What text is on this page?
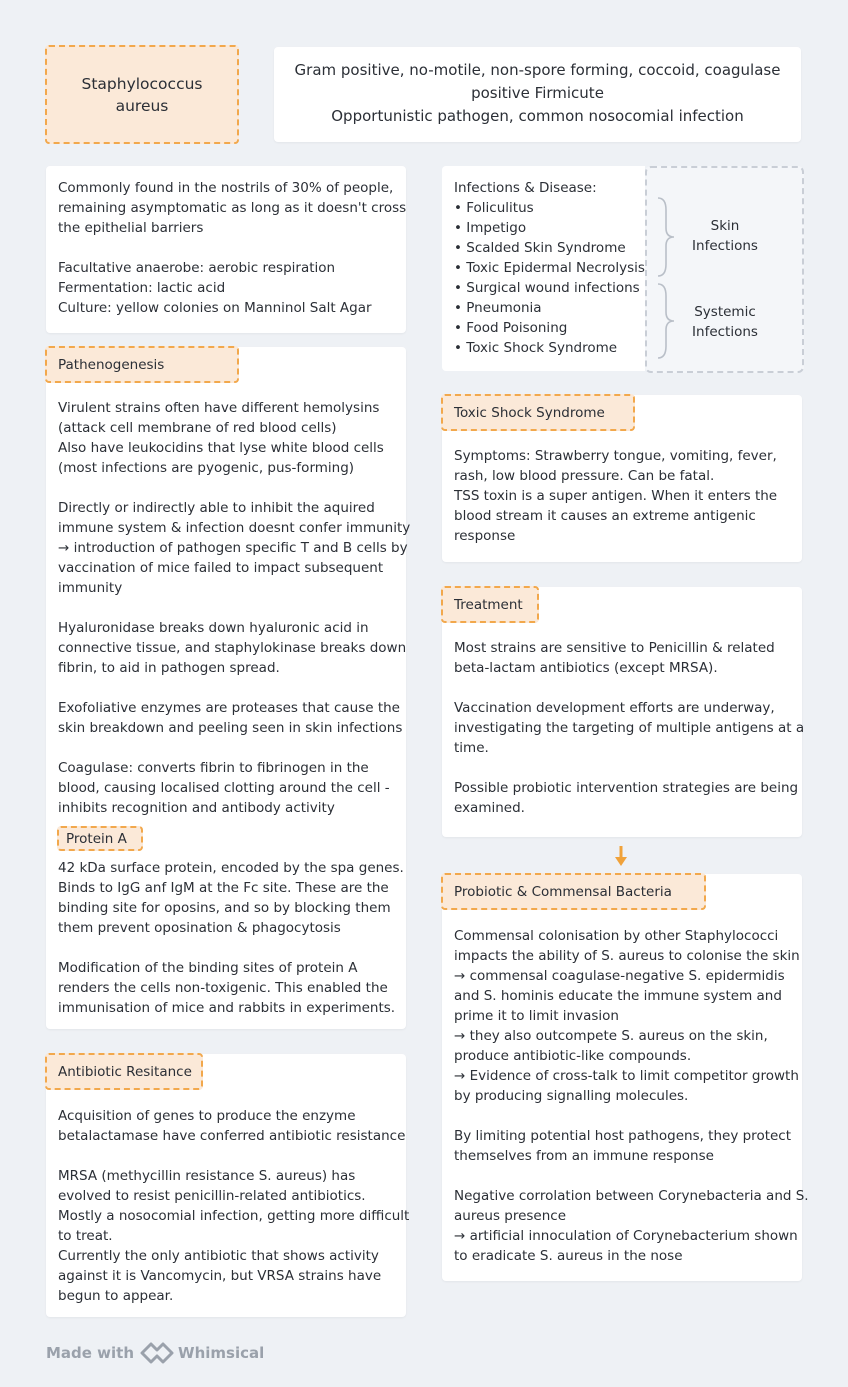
Staphylococcus
aureus
Gram positive, no-motile, non-spore forming, coccoid, coagulase
positive Firmicute
Opportunistic pathogen, common nosocomial infection
Commonly found in the nostrils of 30% of people,
remaining asymptomatic as long as it doesn't cross
the epithelial barriers

Facultative anaerobe: aerobic respiration
Fermentation: lactic acid
Culture: yellow colonies on Manninol Salt Agar
Infections & Disease:
• Foliculitus
• Impetigo
• Scalded Skin Syndrome
• Toxic Epidermal Necrolysis
• Surgical wound infections
• Pneumonia
• Food Poisoning
• Toxic Shock Syndrome
Skin
Infections
Systemic
Infections
Pathenogenesis
Virulent strains often have different hemolysins
(attack cell membrane of red blood cells)
Also have leukocidins that lyse white blood cells
(most infections are pyogenic, pus-forming)

Directly or indirectly able to inhibit the aquired
immune system & infection doesnt confer immunity
→ introduction of pathogen specific T and B cells by
vaccination of mice failed to impact subsequent
immunity

Hyaluronidase breaks down hyaluronic acid in
connective tissue, and staphylokinase breaks down
fibrin, to aid in pathogen spread.

Exofoliative enzymes are proteases that cause the
skin breakdown and peeling seen in skin infections

Coagulase: converts fibrin to fibrinogen in the
blood, causing localised clotting around the cell -
inhibits recognition and antibody activity
Protein A
42 kDa surface protein, encoded by the spa genes.
Binds to IgG anf IgM at the Fc site. These are the
binding site for oposins, and so by blocking them
them prevent oposination & phagocytosis

Modification of the binding sites of protein A
renders the cells non-toxigenic. This enabled the
immunisation of mice and rabbits in experiments.
Toxic Shock Syndrome
Symptoms: Strawberry tongue, vomiting, fever,
rash, low blood pressure. Can be fatal.
TSS toxin is a super antigen. When it enters the
blood stream it causes an extreme antigenic
response
Treatment
Most strains are sensitive to Penicillin & related
beta-lactam antibiotics (except MRSA).

Vaccination development efforts are underway,
investigating the targeting of multiple antigens at a
time.

Possible probiotic intervention strategies are being
examined.
Probiotic & Commensal Bacteria
Commensal colonisation by other Staphylococci
impacts the ability of S. aureus to colonise the skin
→ commensal coagulase-negative S. epidermidis
and S. hominis educate the immune system and
prime it to limit invasion
→ they also outcompete S. aureus on the skin,
produce antibiotic-like compounds.
→ Evidence of cross-talk to limit competitor growth
by producing signalling molecules.

By limiting potential host pathogens, they protect
themselves from an immune response

Negative corrolation between Corynebacteria and S.
aureus presence
→ artificial innoculation of Corynebacterium shown
to eradicate S. aureus in the nose
Antibiotic Resitance
Acquisition of genes to produce the enzyme
betalactamase have conferred antibiotic resistance

MRSA (methycillin resistance S. aureus) has
evolved to resist penicillin-related antibiotics.
Mostly a nosocomial infection, getting more difficult
to treat.
Currently the only antibiotic that shows activity
against it is Vancomycin, but VRSA strains have
begun to appear.
Made with	Whimsical
